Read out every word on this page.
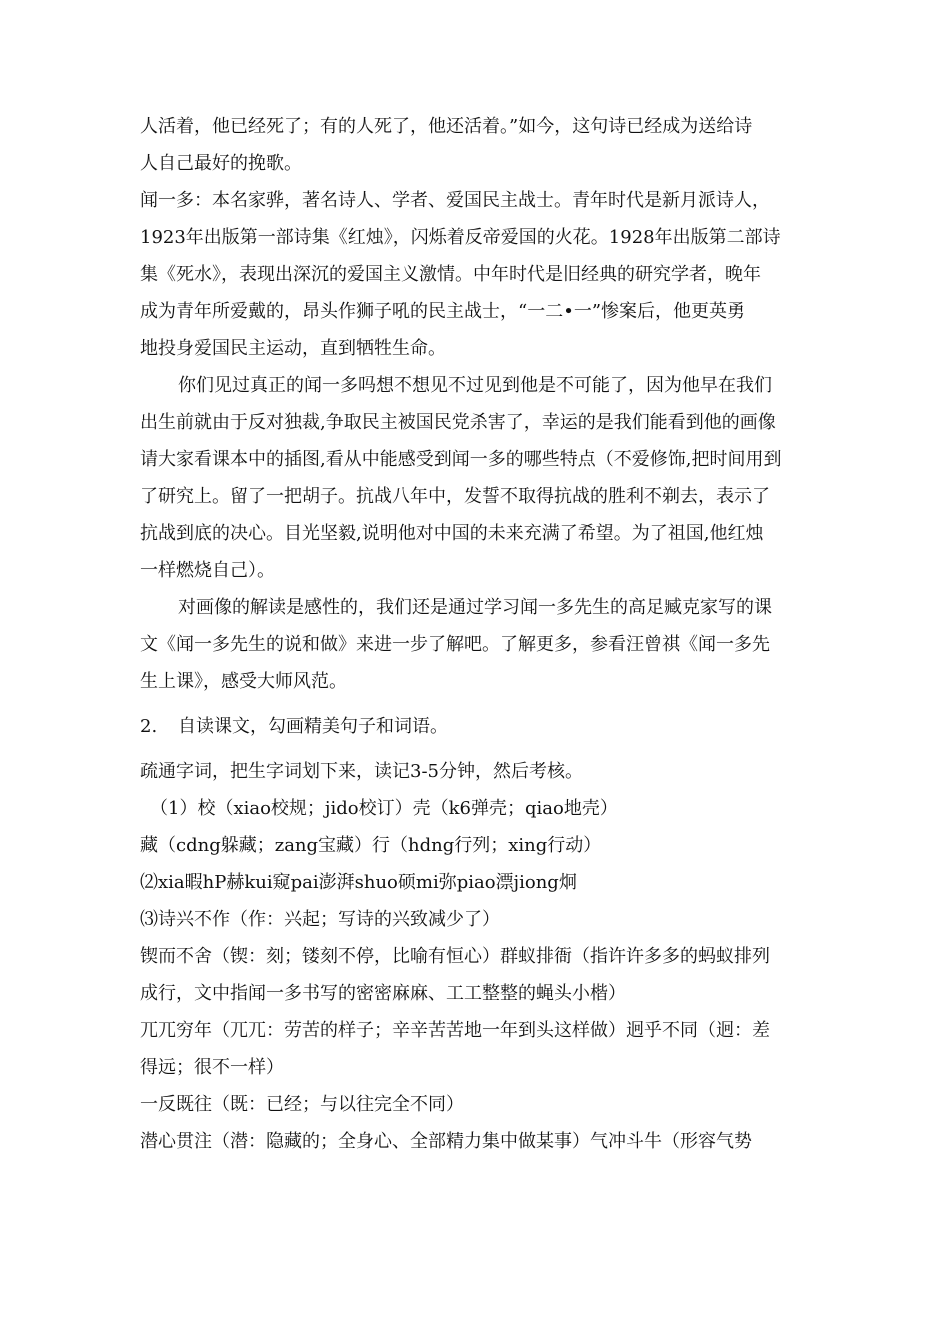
人活着，他已经死了；有的人死了，他还活着。”如今，这句诗已经成为送给诗

人自己最好的挽歌。

闻一多：本名家骅，著名诗人、学者、爱国民主战士。青年时代是新月派诗人，

1923年出版第一部诗集《红烛》，闪烁着反帝爱国的火花。1928年出版第二部诗

集《死水》，表现出深沉的爱国主义激情。中年时代是旧经典的研究学者，晚年

成为青年所爱戴的，昂头作狮子吼的民主战士，“一二•一”惨案后，他更英勇

地投身爱国民主运动，直到牺牲生命。

你们见过真正的闻一多吗想不想见不过见到他是不可能了，因为他早在我们

出生前就由于反对独裁,争取民主被国民党杀害了，幸运的是我们能看到他的画像

请大家看课本中的插图,看从中能感受到闻一多的哪些特点（不爱修饰,把时间用到

了研究上。留了一把胡子。抗战八年中，发誓不取得抗战的胜利不剃去，表示了

抗战到底的决心。目光坚毅,说明他对中国的未来充满了希望。为了祖国,他红烛

一样燃烧自己）。

对画像的解读是感性的，我们还是通过学习闻一多先生的高足臧克家写的课

文《闻一多先生的说和做》来进一步了解吧。了解更多，参看汪曾祺《闻一多先

生上课》，感受大师风范。

2. 自读课文，勾画精美句子和词语。

疏通字词，把生字词划下来，读记3-5分钟，然后考核。

（1）校（xiao校规；jido校订）壳（k6弹壳；qiao地壳）

藏（cdng躲藏；zang宝藏）行（hdng行列；xing行动）

⑵xia暇hP赫kui窥pai澎湃shuo硕mi弥piao漂jiong炯

⑶诗兴不作（作：兴起；写诗的兴致减少了）

锲而不舍（锲：刻；镂刻不停，比喻有恒心）群蚁排衙（指许许多多的蚂蚁排列

成行，文中指闻一多书写的密密麻麻、工工整整的蝇头小楷）

兀兀穷年（兀兀：劳苦的样子；辛辛苦苦地一年到头这样做）迥乎不同（迥：差

得远；很不一样）

一反既往（既：已经；与以往完全不同）

潜心贯注（潜：隐藏的；全身心、全部精力集中做某事）气冲斗牛（形容气势
